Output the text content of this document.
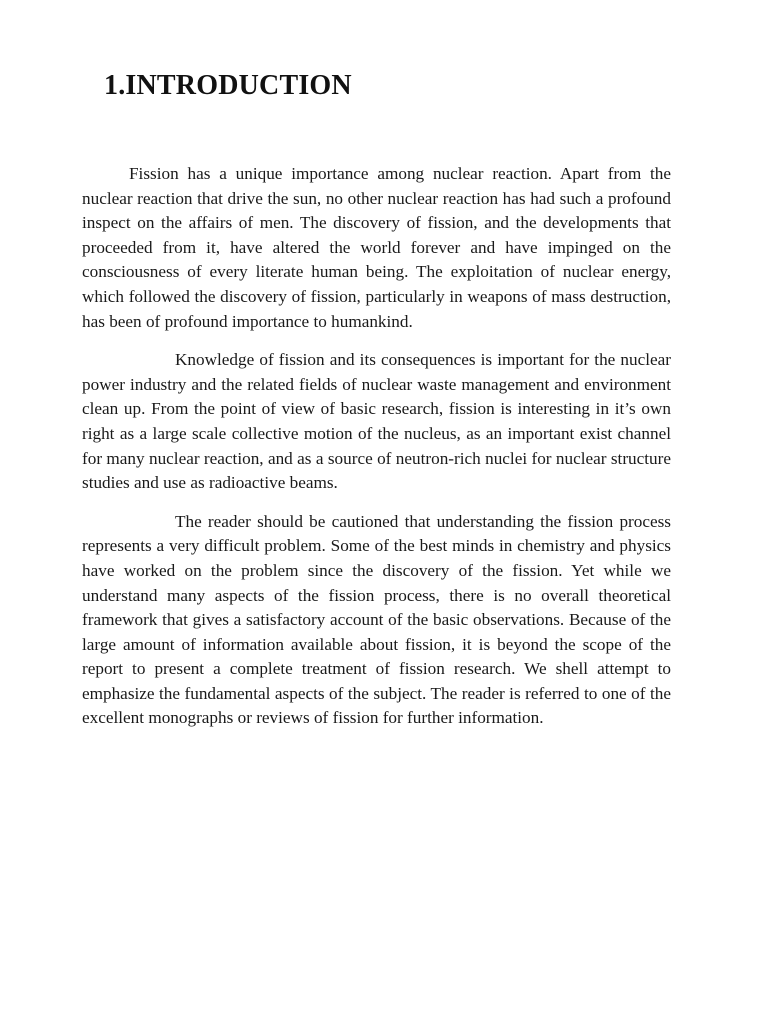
1.INTRODUCTION

Fission has a unique importance among nuclear reaction. Apart from the nuclear reaction that drive the sun, no other nuclear reaction has had such a profound inspect on the affairs of men. The discovery of fission, and the developments that proceeded from it, have altered the world forever and have impinged on the consciousness of every literate human being. The exploitation of nuclear energy, which followed the discovery of fission, particularly in weapons of mass destruction, has been of profound importance to humankind.

Knowledge of fission and its consequences is important for the nuclear power industry and the related fields of nuclear waste management and environment clean up. From the point of view of basic research, fission is interesting in it’s own right as a large scale collective motion of the nucleus, as an important exist channel for many nuclear reaction, and as a source of neutron-rich nuclei for nuclear structure studies and use as radioactive beams.

The reader should be cautioned that understanding the fission process represents a very difficult problem. Some of the best minds in chemistry and physics have worked on the problem since the discovery of the fission. Yet while we understand many aspects of the fission process, there is no overall theoretical framework that gives a satisfactory account of the basic observations. Because of the large amount of information available about fission, it is beyond the scope of the report to present a complete treatment of fission research. We shell attempt to emphasize the fundamental aspects of the subject. The reader is referred to one of the excellent monographs or reviews of fission for further information.
